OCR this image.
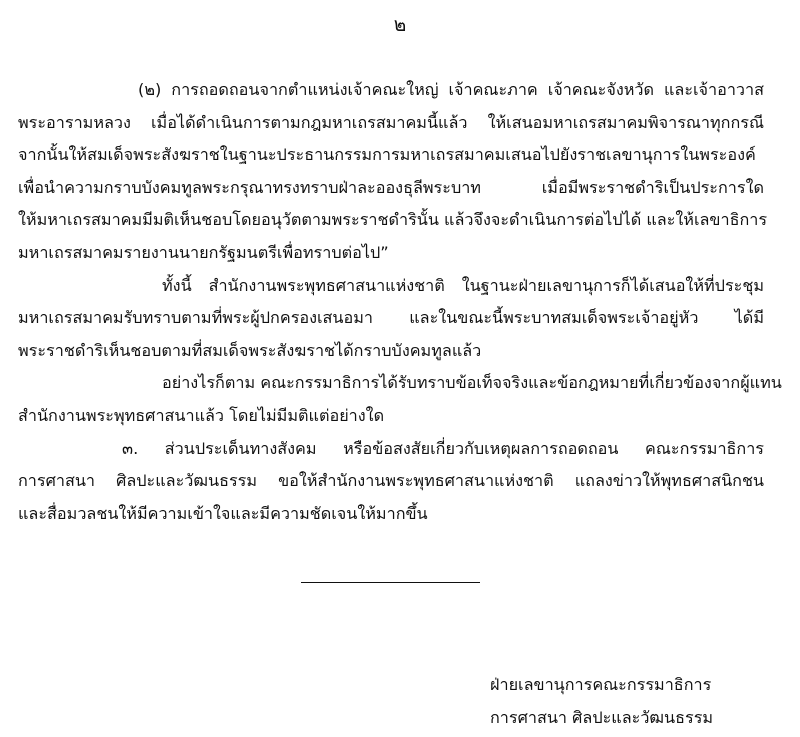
๒
(๒) การถอดถอนจากตำแหน่งเจ้าคณะใหญ่ เจ้าคณะภาค เจ้าคณะจังหวัด และเจ้าอาวาส
พระอารามหลวง เมื่อได้ดำเนินการตามกฎมหาเถรสมาคมนี้แล้ว ให้เสนอมหาเถรสมาคมพิจารณาทุกกรณี
จากนั้นให้สมเด็จพระสังฆราชในฐานะประธานกรรมการมหาเถรสมาคมเสนอไปยังราชเลขานุการในพระองค์
เพื่อนำความกราบบังคมทูลพระกรุณาทรงทราบฝ่าละอองธุลีพระบาท เมื่อมีพระราชดำริเป็นประการใด
ให้มหาเถรสมาคมมีมติเห็นชอบโดยอนุวัตตามพระราชดำรินั้น แล้วจึงจะดำเนินการต่อไปได้ และให้เลขาธิการ
มหาเถรสมาคมรายงานนายกรัฐมนตรีเพื่อทราบต่อไป”
ทั้งนี้ สำนักงานพระพุทธศาสนาแห่งชาติ ในฐานะฝ่ายเลขานุการก็ได้เสนอให้ที่ประชุม
มหาเถรสมาคมรับทราบตามที่พระผู้ปกครองเสนอมา และในขณะนี้พระบาทสมเด็จพระเจ้าอยู่หัว ได้มี
พระราชดำริเห็นชอบตามที่สมเด็จพระสังฆราชได้กราบบังคมทูลแล้ว
อย่างไรก็ตาม คณะกรรมาธิการได้รับทราบข้อเท็จจริงและข้อกฎหมายที่เกี่ยวข้องจากผู้แทน
สำนักงานพระพุทธศาสนาแล้ว โดยไม่มีมติแต่อย่างใด
๓. ส่วนประเด็นทางสังคม หรือข้อสงสัยเกี่ยวกับเหตุผลการถอดถอน คณะกรรมาธิการ
การศาสนา ศิลปะและวัฒนธรรม ขอให้สำนักงานพระพุทธศาสนาแห่งชาติ แถลงข่าวให้พุทธศาสนิกชน
และสื่อมวลชนให้มีความเข้าใจและมีความชัดเจนให้มากขึ้น
ฝ่ายเลขานุการคณะกรรมาธิการ
การศาสนา ศิลปะและวัฒนธรรม
